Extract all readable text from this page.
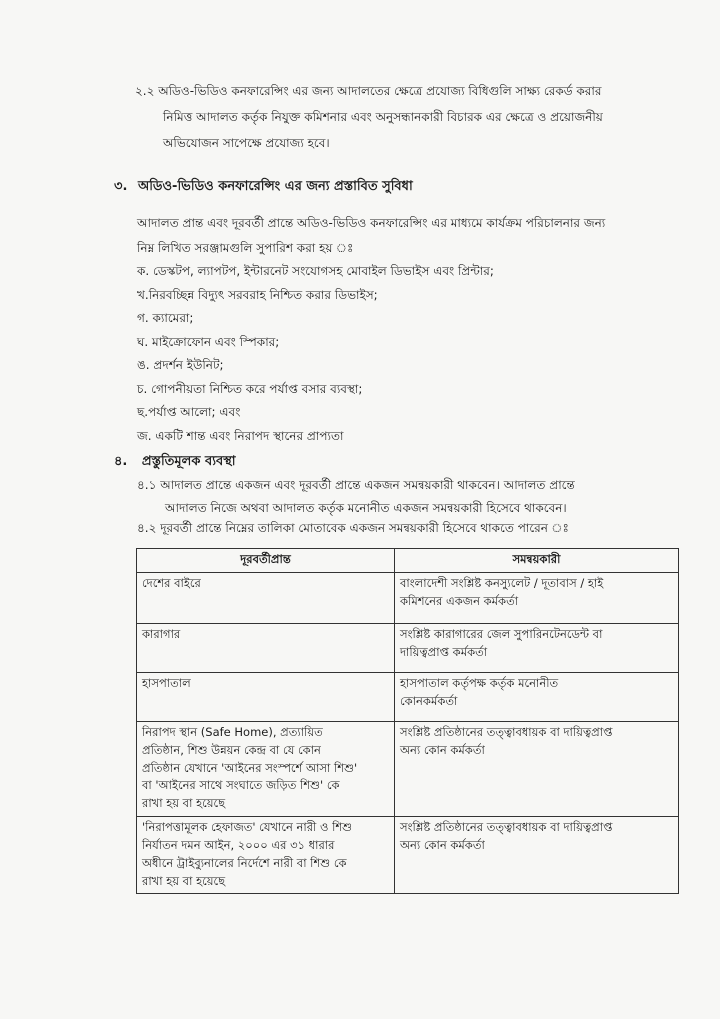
২.২ অডিও-ভিডিও কনফারেন্সিং এর জন্য আদালতের ক্ষেত্রে প্রযোজ্য বিধিগুলি সাক্ষ্য রেকর্ড করার
নিমিত্ত আদালত কর্তৃক নিযুক্ত কমিশনার এবং অনুসন্ধানকারী বিচারক এর ক্ষেত্রে ও প্রয়োজনীয়
অভিযোজন সাপেক্ষে প্রযোজ্য হবে।
৩. অডিও-ভিডিও কনফারেন্সিং এর জন্য প্রস্তাবিত সুবিধা
আদালত প্রান্ত এবং দূরবর্তী প্রান্তে অডিও-ভিডিও কনফারেন্সিং এর মাধ্যমে কার্যক্রম পরিচালনার জন্য
নিম্ন লিখিত সরঞ্জামগুলি সুপারিশ করা হয় ঃ
ক. ডেস্কটপ, ল্যাপটপ, ইন্টারনেট সংযোগসহ মোবাইল ডিভাইস এবং প্রিন্টার;
খ.নিরবচ্ছিন্ন বিদ্যুৎ সরবরাহ নিশ্চিত করার ডিভাইস;
গ. ক্যামেরা;
ঘ. মাইক্রোফোন এবং স্পিকার;
ঙ. প্রদর্শন ইউনিট;
চ. গোপনীয়তা নিশ্চিত করে পর্যাপ্ত বসার ব্যবস্থা;
ছ.পর্যাপ্ত আলো; এবং
জ. একটি শান্ত এবং নিরাপদ স্থানের প্রাপ্যতা
৪. প্রস্তুতিমূলক ব্যবস্থা
৪.১ আদালত প্রান্তে একজন এবং দূরবর্তী প্রান্তে একজন সমন্বয়কারী থাকবেন। আদালত প্রান্তে
আদালত নিজে অথবা আদালত কর্তৃক মনোনীত একজন সমন্বয়কারী হিসেবে থাকবেন।
৪.২ দূরবর্তী প্রান্তে নিম্নের তালিকা মোতাবেক একজন সমন্বয়কারী হিসেবে থাকতে পারেন ঃ
দূরবর্তীপ্রান্ত	সমন্বয়কারী

দেশের বাইরে	বাংলাদেশী সংশ্লিষ্ট কনস্যুলেট / দূতাবাস / হাই
কমিশনের একজন কর্মকর্তা

কারাগার	সংশ্লিষ্ট কারাগারের জেল সুপারিনটেনডেন্ট বা
দায়িত্বপ্রাপ্ত কর্মকর্তা

হাসপাতাল	হাসপাতাল কর্তৃপক্ষ কর্তৃক মনোনীত
কোনকর্মকর্তা

নিরাপদ স্থান (Safe Home), প্রত্যায়িত
প্রতিষ্ঠান, শিশু উন্নয়ন কেন্দ্র বা যে কোন
প্রতিষ্ঠান যেখানে 'আইনের সংস্পর্শে আসা শিশু'
বা 'আইনের সাথে সংঘাতে জড়িত শিশু' কে
রাখা হয় বা হয়েছে	সংশ্লিষ্ট প্রতিষ্ঠানের তত্ত্বাবধায়ক বা দায়িত্বপ্রাপ্ত
অন্য কোন কর্মকর্তা

'নিরাপত্তামূলক হেফাজত' যেখানে নারী ও শিশু
নির্যাতন দমন আইন, ২০০০ এর ৩১ ধারার
অধীনে ট্রাইব্যুনালের নির্দেশে নারী বা শিশু কে
রাখা হয় বা হয়েছে	সংশ্লিষ্ট প্রতিষ্ঠানের তত্ত্বাবধায়ক বা দায়িত্বপ্রাপ্ত
অন্য কোন কর্মকর্তা
